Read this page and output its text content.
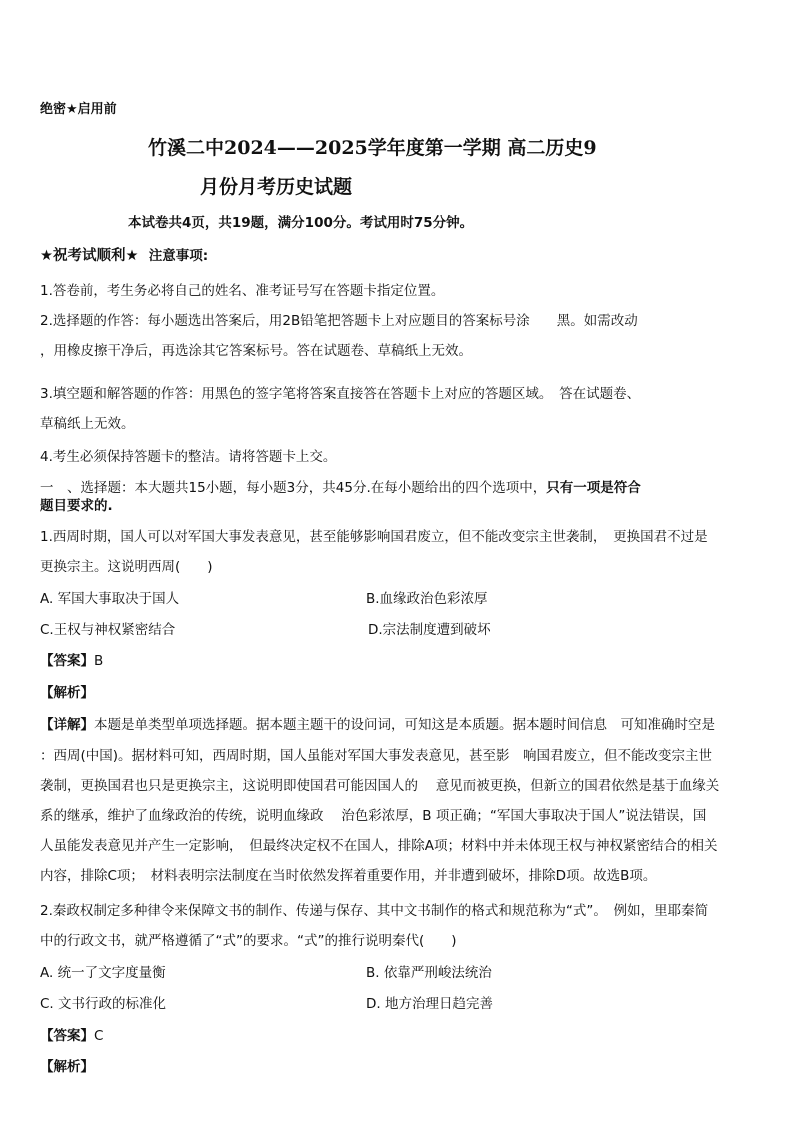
绝密★启用前
竹溪二中2024——2025学年度第一学期 高二历史9
月份月考历史试题
本试卷共4页，共19题，满分100分。考试用时75分钟。
★祝考试顺利★ 注意事项:
1.答卷前，考生务必将自己的姓名、准考证号写在答题卡指定位置。
2.选择题的作答：每小题选出答案后，用2B铅笔把答题卡上对应题目的答案标号涂　　黑。如需改动
，用橡皮擦干净后，再选涂其它答案标号。答在试题卷、草稿纸上无效。
3.填空题和解答题的作答：用黑色的签字笔将答案直接答在答题卡上对应的答题区域。　答在试题卷、
草稿纸上无效。
4.考生必须保持答题卡的整洁。请将答题卡上交。
一　、选择题：本大题共15小题，每小题3分，共45分.在每小题给出的四个选项中，只有一项是符合
题目要求的.
1.西周时期，国人可以对军国大事发表意见，甚至能够影响国君废立，但不能改变宗主世袭制，　更换国君不过是
更换宗主。这说明西周(　　)
A. 军国大事取决于国人	B.血缘政治色彩浓厚
C.王权与神权紧密结合	D.宗法制度遭到破坏
【答案】B
【解析】
【详解】本题是单类型单项选择题。据本题主题干的设问词，可知这是本质题。据本题时间信息　可知准确时空是
：西周(中国)。据材料可知，西周时期，国人虽能对军国大事发表意见，甚至影　响国君废立，但不能改变宗主世
袭制，更换国君也只是更换宗主，这说明即使国君可能因国人的　 意见而被更换，但新立的国君依然是基于血缘关
系的继承，维护了血缘政治的传统，说明血缘政　 治色彩浓厚，B 项正确；“军国大事取决于国人”说法错误，国
人虽能发表意见并产生一定影响，　但最终决定权不在国人，排除A项；材料中并未体现王权与神权紧密结合的相关
内容，排除C项；　材料表明宗法制度在当时依然发挥着重要作用，并非遭到破坏，排除D项。故选B项。
2.秦政权制定多种律令来保障文书的制作、传递与保存、其中文书制作的格式和规范称为“式”。　例如，里耶秦简
中的行政文书，就严格遵循了“式”的要求。“式”的推行说明秦代(　　)
A. 统一了文字度量衡	B. 依靠严刑峻法统治
C. 文书行政的标准化	D. 地方治理日趋完善
【答案】C
【解析】
